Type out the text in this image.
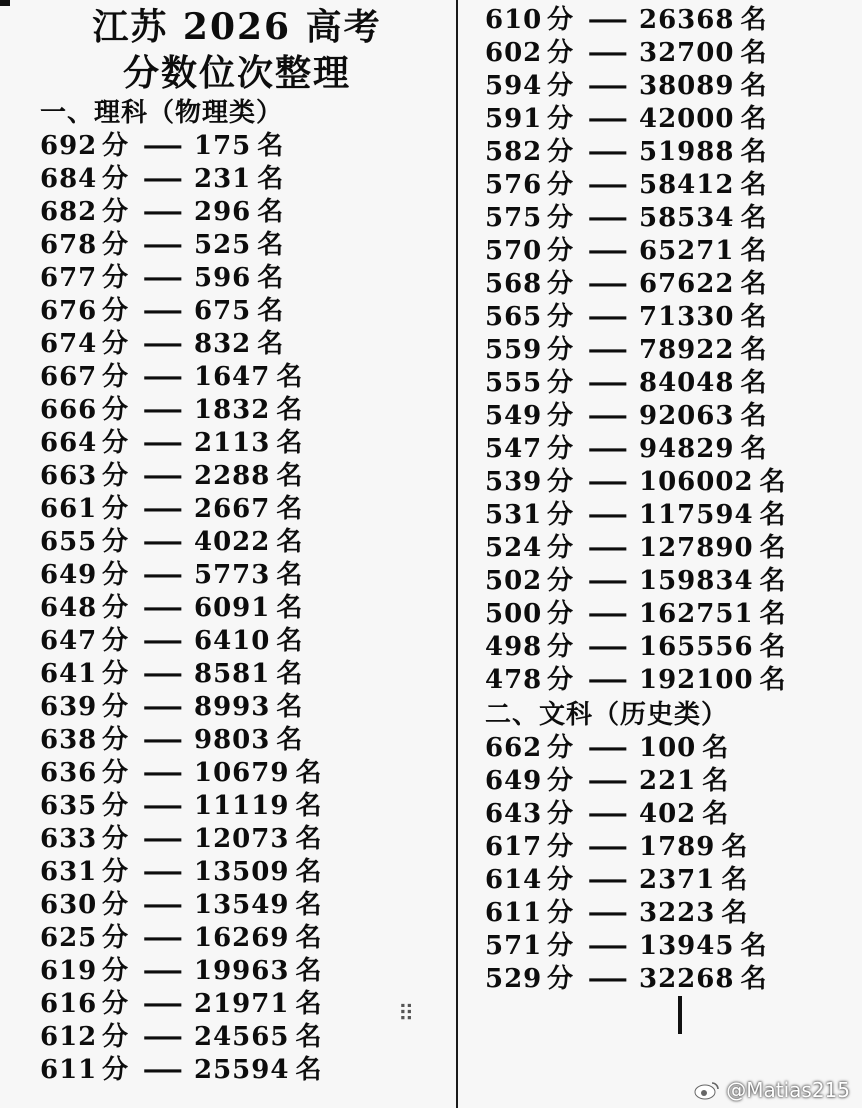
江苏 2026 高考
分数位次整理
一、理科（物理类）
692 分 — 175 名
684 分 — 231 名
682 分 — 296 名
678 分 — 525 名
677 分 — 596 名
676 分 — 675 名
674 分 — 832 名
667 分 — 1647 名
666 分 — 1832 名
664 分 — 2113 名
663 分 — 2288 名
661 分 — 2667 名
655 分 — 4022 名
649 分 — 5773 名
648 分 — 6091 名
647 分 — 6410 名
641 分 — 8581 名
639 分 — 8993 名
638 分 — 9803 名
636 分 — 10679 名
635 分 — 11119 名
633 分 — 12073 名
631 分 — 13509 名
630 分 — 13549 名
625 分 — 16269 名
619 分 — 19963 名
616 分 — 21971 名
612 分 — 24565 名
611 分 — 25594 名
610 分 — 26368 名
602 分 — 32700 名
594 分 — 38089 名
591 分 — 42000 名
582 分 — 51988 名
576 分 — 58412 名
575 分 — 58534 名
570 分 — 65271 名
568 分 — 67622 名
565 分 — 71330 名
559 分 — 78922 名
555 分 — 84048 名
549 分 — 92063 名
547 分 — 94829 名
539 分 — 106002 名
531 分 — 117594 名
524 分 — 127890 名
502 分 — 159834 名
500 分 — 162751 名
498 分 — 165556 名
478 分 — 192100 名
二、文科（历史类）
662 分 — 100 名
649 分 — 221 名
643 分 — 402 名
617 分 — 1789 名
614 分 — 2371 名
611 分 — 3223 名
571 分 — 13945 名
529 分 — 32268 名
⠿
@Matias215
